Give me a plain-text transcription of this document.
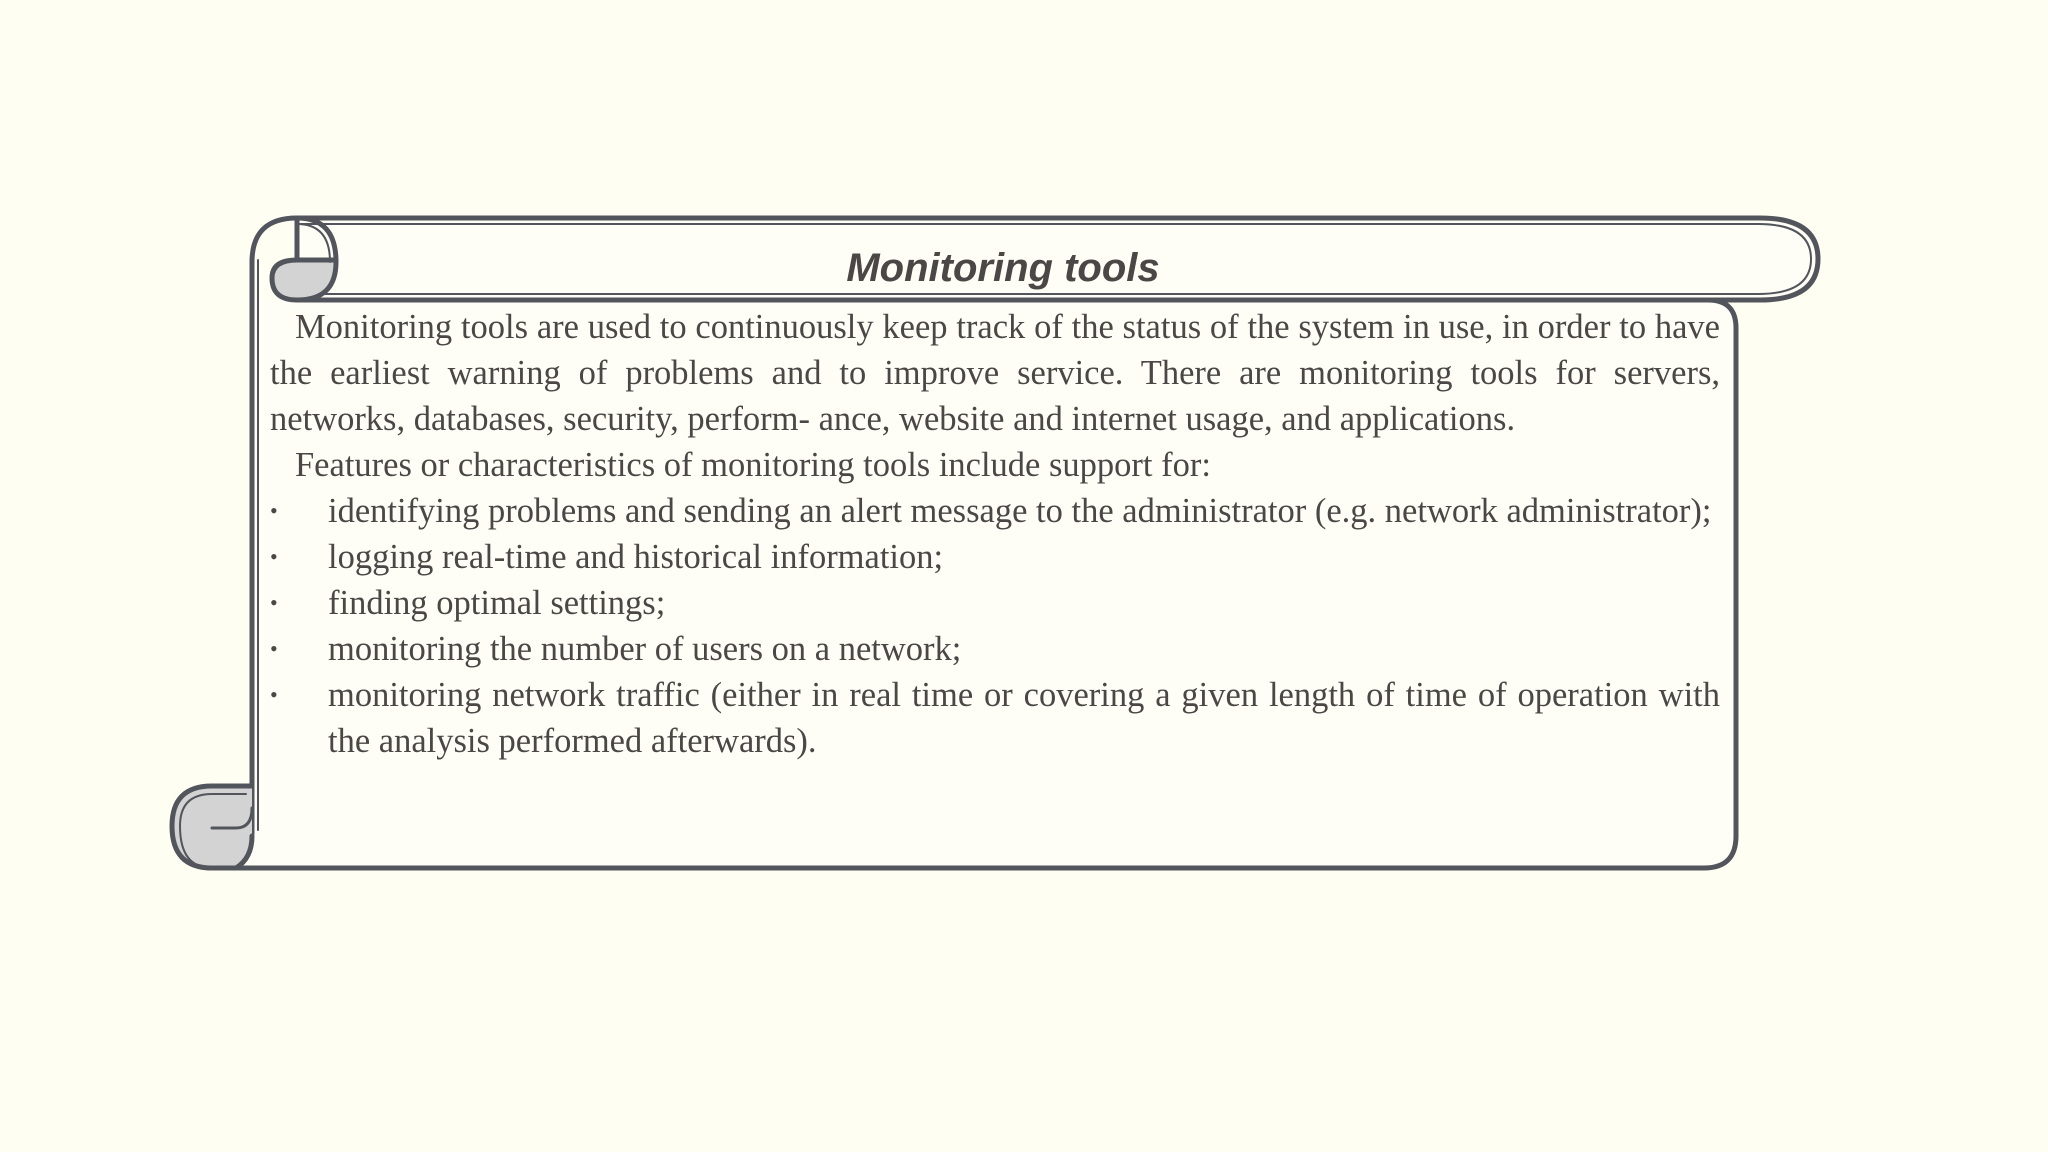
Monitoring tools

Monitoring tools are used to continuously keep track of the status of the system in use, in order to have the earliest warning of problems and to improve service. There are monitoring tools for servers, networks, databases, security, perform- ance, website and internet usage, and applications.

Features or characteristics of monitoring tools include support for:

• identifying problems and sending an alert message to the administrator (e.g. network administrator);
• logging real-time and historical information;
• finding optimal settings;
• monitoring the number of users on a network;
• monitoring network traffic (either in real time or covering a given length of time of operation with the analysis performed afterwards).
